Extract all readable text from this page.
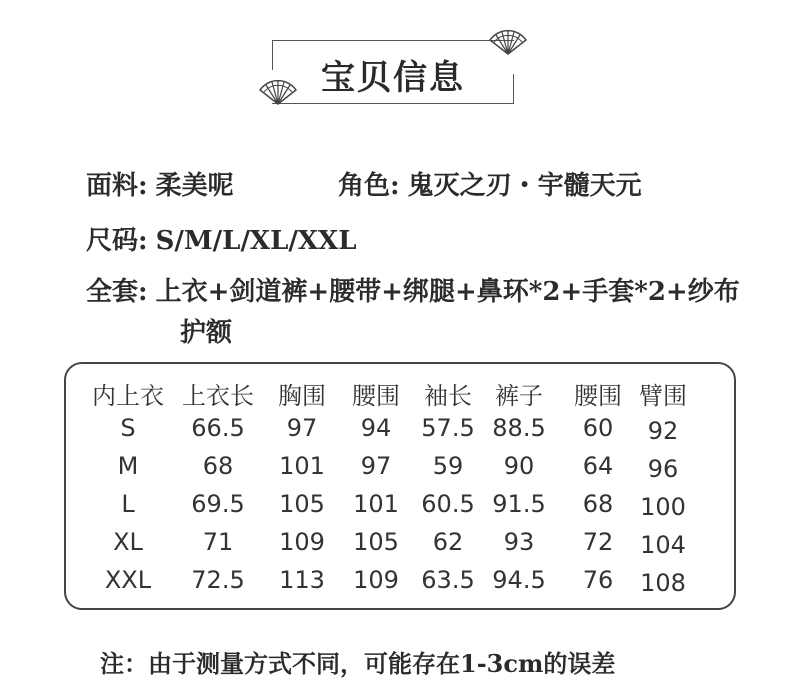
宝贝信息
面料: 柔美呢	角色: 鬼灭之刃・宇髓天元
尺码: S/M/L/XL/XXL
全套: 上衣+剑道裤+腰带+绑腿+鼻环*2+手套*2+纱布
护额
内上衣 上衣长 胸围 腰围 袖长 裤子 腰围 臂围
S 66.5 97 94 57.5 88.5 60 92
M	68 101 97 59 90 64 96
L 69.5 105 101 60.5 91.5 68 100
XL 71 109 105 62 93 72 104
XXL 72.5 113 109 63.5 94.5 76 108
注：由于测量方式不同，可能存在1-3cm的误差
